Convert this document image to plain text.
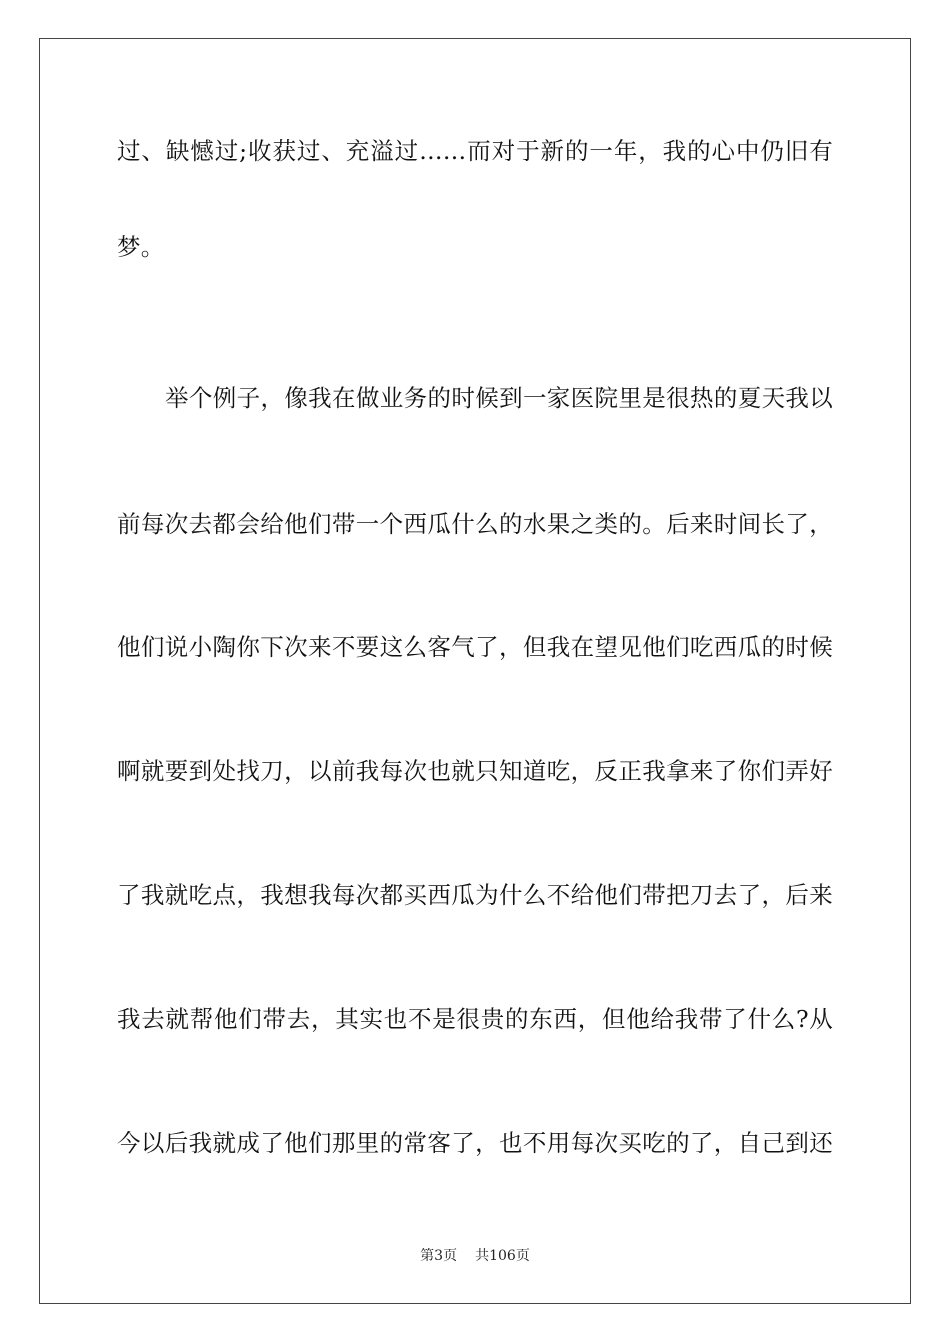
过、缺憾过;收获过、充溢过……而对于新的一年，我的心中仍旧有
梦。
举个例子，像我在做业务的时候到一家医院里是很热的夏天我以
前每次去都会给他们带一个西瓜什么的水果之类的。后来时间长了，
他们说小陶你下次来不要这么客气了，但我在望见他们吃西瓜的时候
啊就要到处找刀，以前我每次也就只知道吃，反正我拿来了你们弄好
了我就吃点，我想我每次都买西瓜为什么不给他们带把刀去了，后来
我去就帮他们带去，其实也不是很贵的东西，但他给我带了什么?从
今以后我就成了他们那里的常客了，也不用每次买吃的了，自己到还
第3页 共106页
